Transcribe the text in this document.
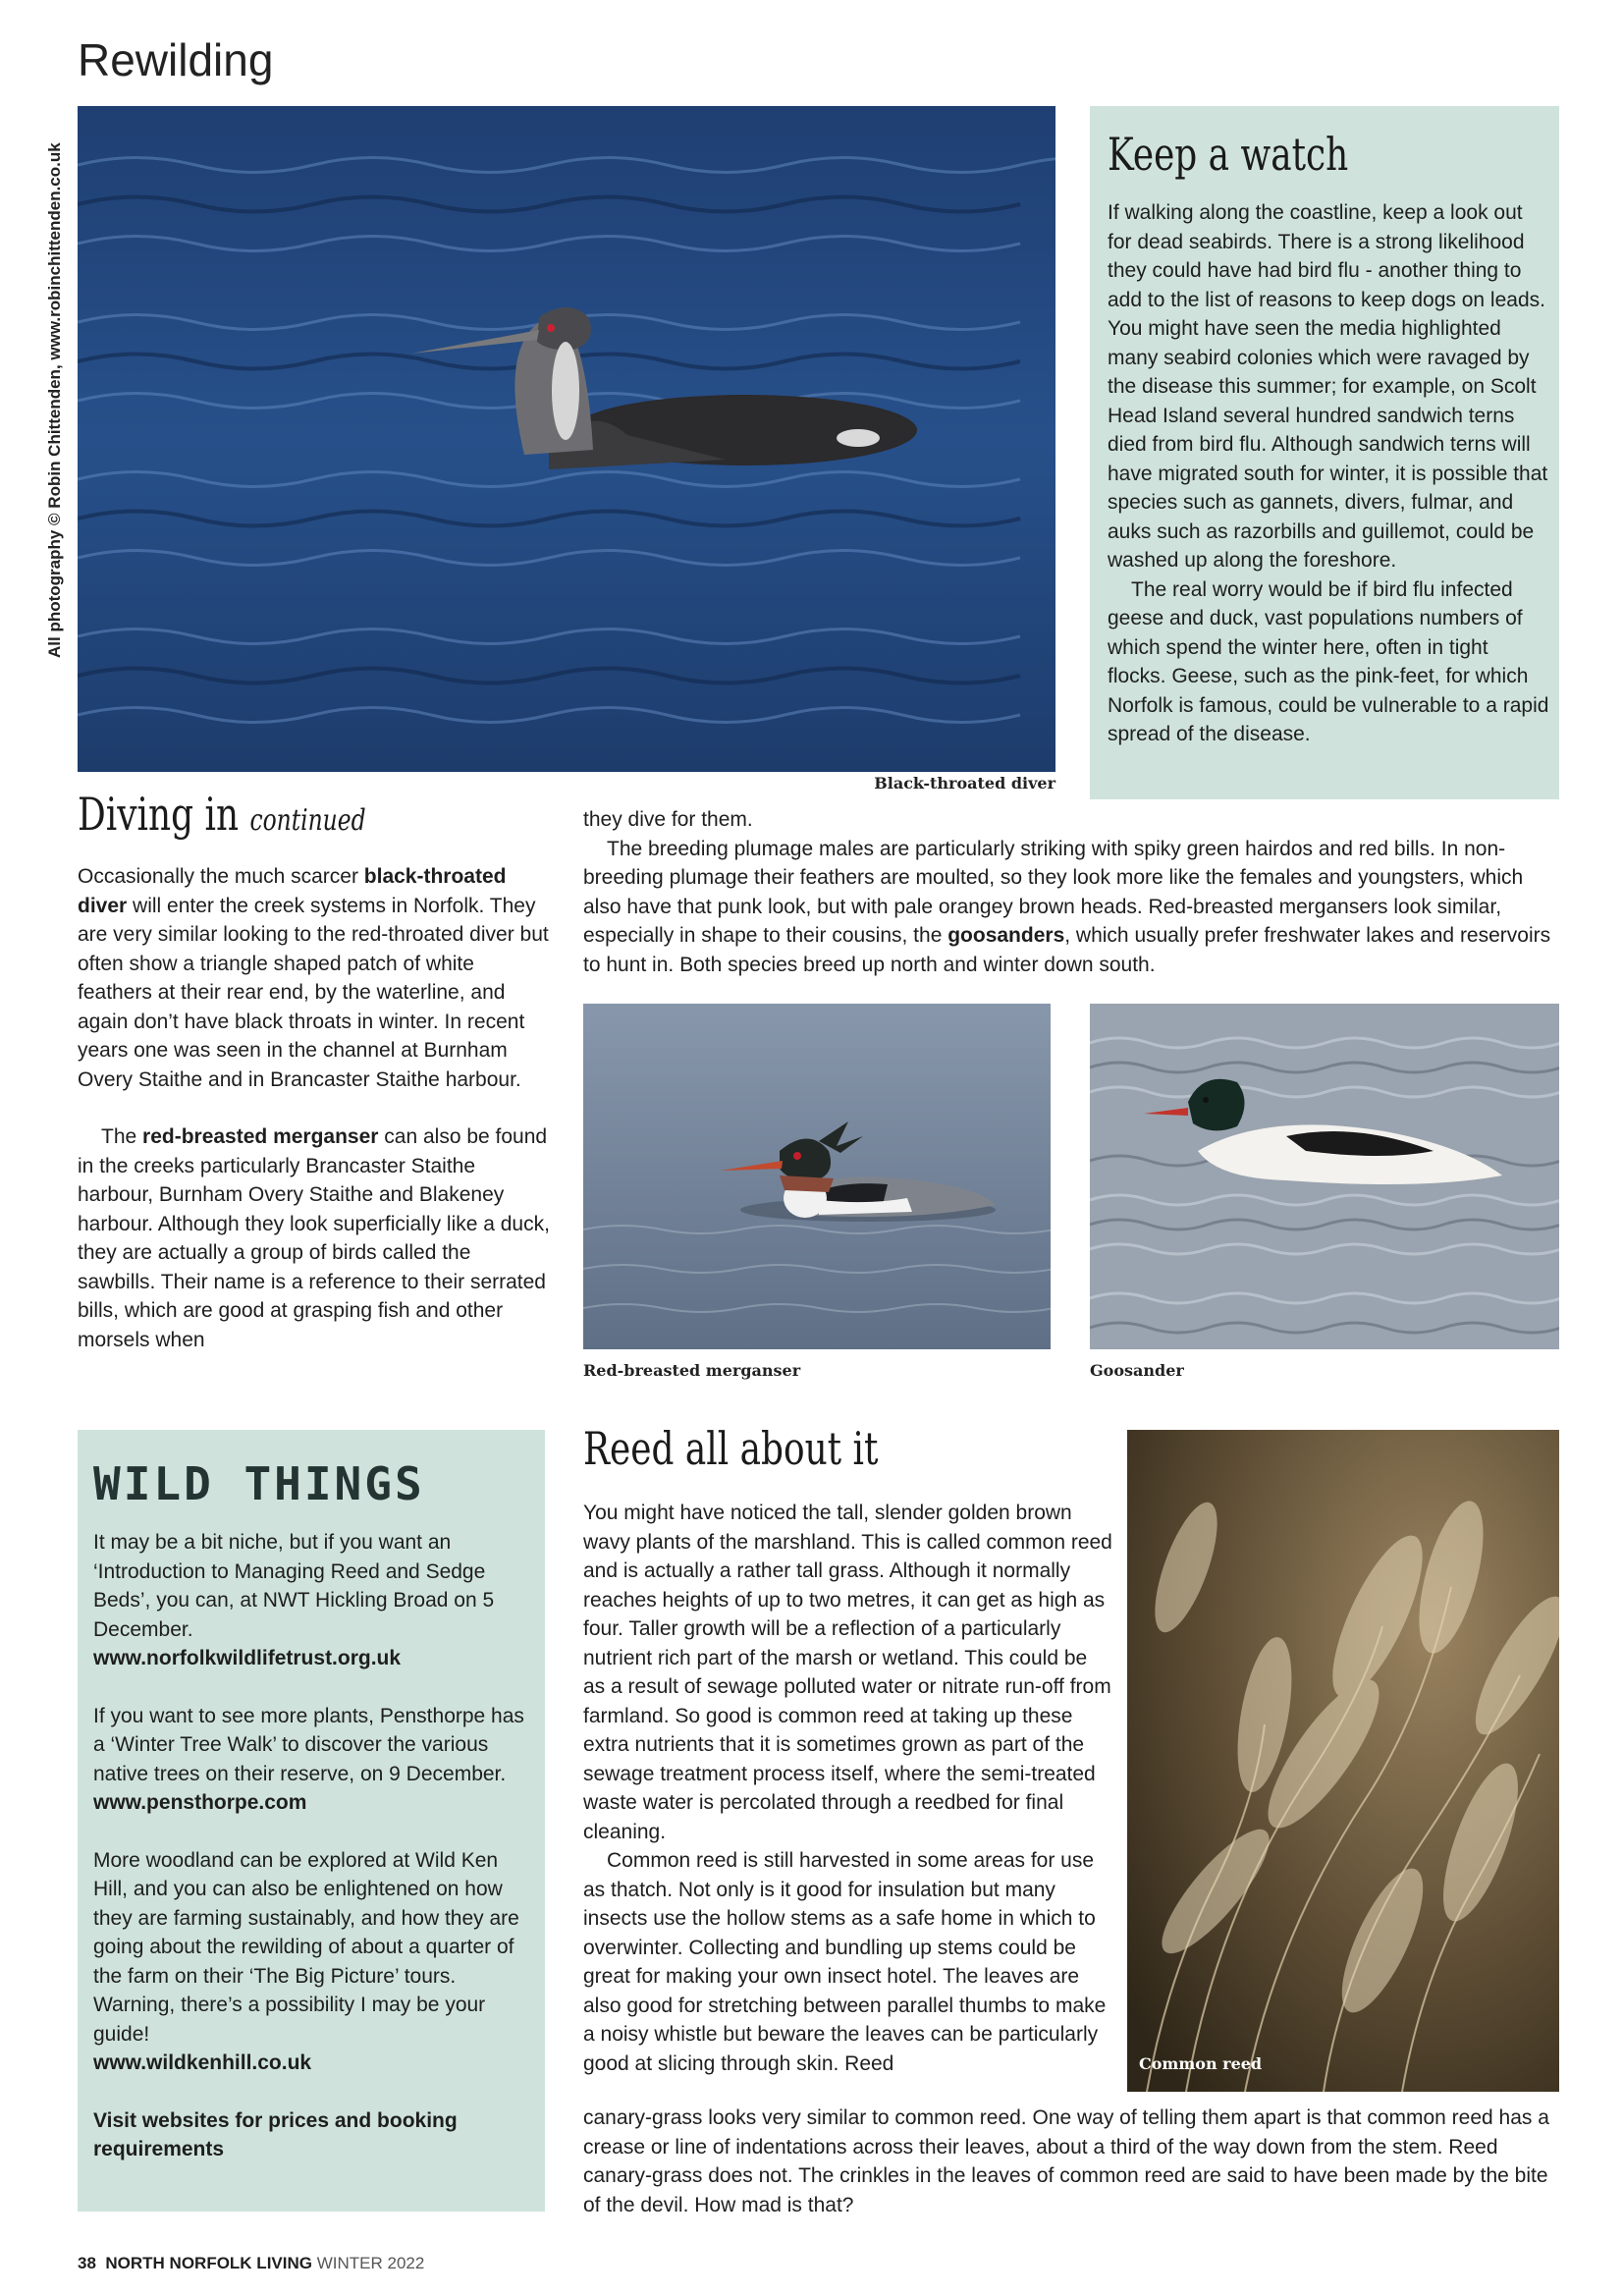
Rewilding
All photography © Robin Chittenden, www.robinchittenden.co.uk
Black-throated diver
Keep a watch

If walking along the coastline, keep a look out for dead seabirds. There is a strong likelihood they could have had bird flu - another thing to add to the list of reasons to keep dogs on leads. You might have seen the media highlighted many seabird colonies which were ravaged by the disease this summer; for example, on Scolt Head Island several hundred sandwich terns died from bird flu. Although sandwich terns will have migrated south for winter, it is possible that species such as gannets, divers, fulmar, and auks such as razorbills and guillemot, could be washed up along the foreshore.

The real worry would be if bird flu infected geese and duck, vast populations numbers of which spend the winter here, often in tight flocks. Geese, such as the pink-feet, for which Norfolk is famous, could be vulnerable to a rapid spread of the disease.

Diving in continued

Occasionally the much scarcer black-throated diver will enter the creek systems in Norfolk. They are very similar looking to the red-throated diver but often show a triangle shaped patch of white feathers at their rear end, by the waterline, and again don’t have black throats in winter. In recent years one was seen in the channel at Burnham Overy Staithe and in Brancaster Staithe harbour.

The red-breasted merganser can also be found in the creeks particularly Brancaster Staithe harbour, Burnham Overy Staithe and Blakeney harbour. Although they look superficially like a duck, they are actually a group of birds called the sawbills. Their name is a reference to their serrated bills, which are good at grasping fish and other morsels when

they dive for them.

The breeding plumage males are particularly striking with spiky green hairdos and red bills. In non-breeding plumage their feathers are moulted, so they look more like the females and youngsters, which also have that punk look, but with pale orangey brown heads. Red-breasted mergansers look similar, especially in shape to their cousins, the goosanders, which usually prefer freshwater lakes and reservoirs to hunt in. Both species breed up north and winter down south.

Red-breasted merganser	Goosander
WILD THINGS

It may be a bit niche, but if you want an ‘Introduction to Managing Reed and Sedge Beds’, you can, at NWT Hickling Broad on 5 December.

www.norfolkwildlifetrust.org.uk

If you want to see more plants, Pensthorpe has a ‘Winter Tree Walk’ to discover the various native trees on their reserve, on 9 December.

www.pensthorpe.com

More woodland can be explored at Wild Ken Hill, and you can also be enlightened on how they are farming sustainably, and how they are going about the rewilding of about a quarter of the farm on their ‘The Big Picture’ tours. Warning, there’s a possibility I may be your guide!

www.wildkenhill.co.uk

Visit websites for prices and booking requirements

Reed all about it
Common reed

You might have noticed the tall, slender golden brown wavy plants of the marshland. This is called common reed and is actually a rather tall grass. Although it normally reaches heights of up to two metres, it can get as high as four. Taller growth will be a reflection of a particularly nutrient rich part of the marsh or wetland. This could be as a result of sewage polluted water or nitrate run-off from farmland. So good is common reed at taking up these extra nutrients that it is sometimes grown as part of the sewage treatment process itself, where the semi-treated waste water is percolated through a reedbed for final cleaning.

Common reed is still harvested in some areas for use as thatch. Not only is it good for insulation but many insects use the hollow stems as a safe home in which to overwinter. Collecting and bundling up stems could be great for making your own insect hotel. The leaves are also good for stretching between parallel thumbs to make a noisy whistle but beware the leaves can be particularly good at slicing through skin. Reed

canary-grass looks very similar to common reed. One way of telling them apart is that common reed has a crease or line of indentations across their leaves, about a third of the way down from the stem. Reed canary-grass does not. The crinkles in the leaves of common reed are said to have been made by the bite of the devil. How mad is that?

38 NORTH NORFOLK LIVING WINTER 2022
